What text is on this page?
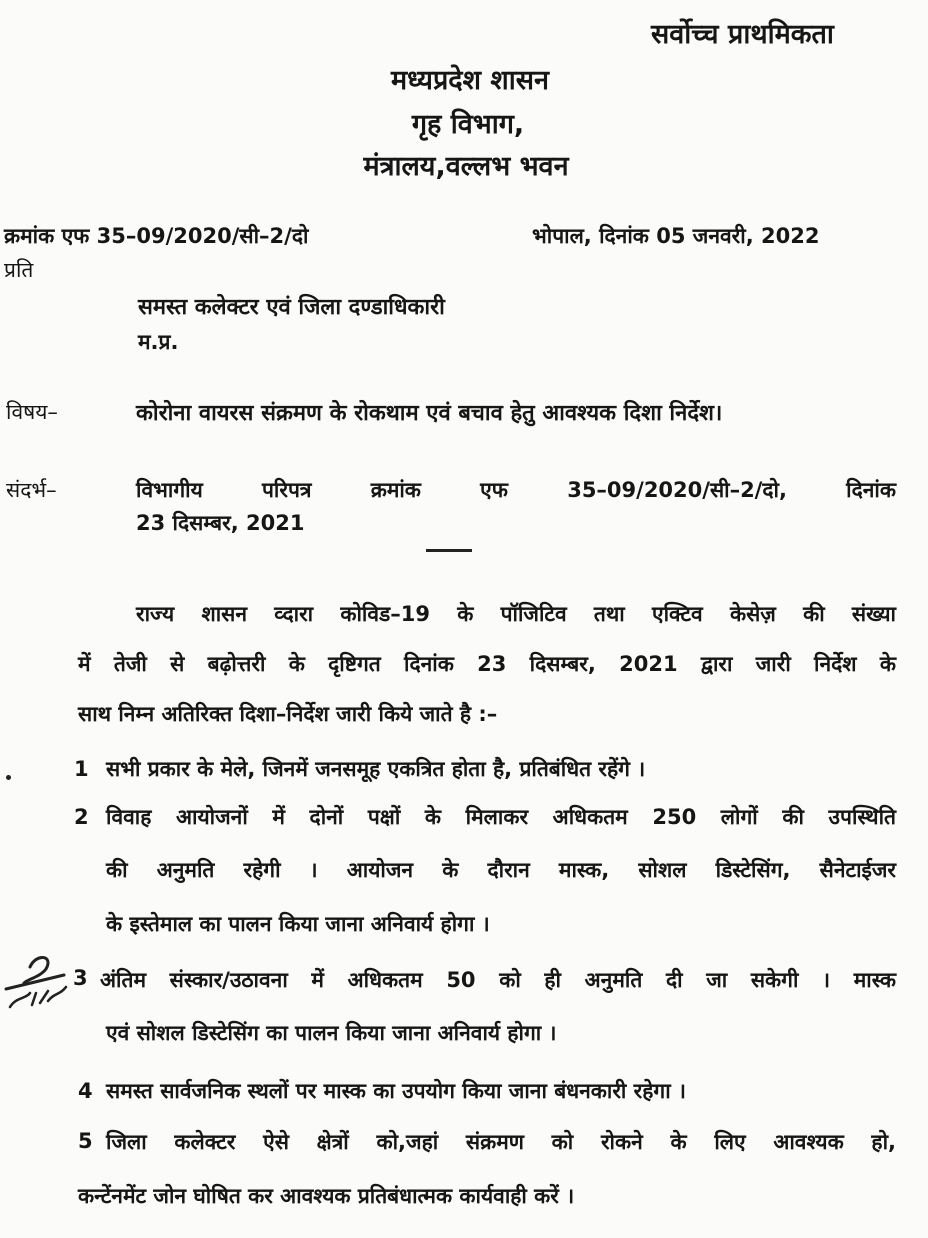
सर्वोच्च प्राथमिकता
मध्यप्रदेश शासन
गृह विभाग,
मंत्रालय,वल्लभ भवन
क्रमांक एफ 35–09/2020/सी–2/दो	भोपाल, दिनांक 05 जनवरी, 2022
प्रति
समस्त कलेक्टर एवं जिला दण्डाधिकारी
म.प्र.
विषय–	कोरोना वायरस संक्रमण के रोकथाम एवं बचाव हेतु आवश्यक दिशा निर्देश।
संदर्भ–	विभागीय	परिपत्र	क्रमांक	एफ	35–09/2020/सी–2/दो,	दिनांक
23 दिसम्बर, 2021
राज्य शासन व्दारा कोविड–19 के पॉजिटिव तथा एक्टिव केसेज़ की संख्या
में तेजी से बढ़ोत्तरी के दृष्टिगत दिनांक 23 दिसम्बर, 2021 द्वारा जारी निर्देश के
साथ निम्न अतिरिक्त दिशा–निर्देश जारी किये जाते है :–
1 सभी प्रकार के मेले, जिनमें जनसमूह एकत्रित होता है, प्रतिबंधित रहेंगे ।
2 विवाह आयोजनों में दोनों पक्षों के मिलाकर अधिकतम 250 लोगों की उपस्थिति
की अनुमति रहेगी । आयोजन के दौरान मास्क, सोशल डिस्टेसिंग, सैनेटाईजर
3
एवं सोशल डिस्टेसिंग का पालन किया जाना अनिवार्य होगा ।
4 समस्त सार्वजनिक स्थलों पर मास्क का उपयोग किया जाना बंधनकारी रहेगा ।
5 जिला कलेक्टर ऐसे क्षेत्रों को,जहां संक्रमण को रोकने के लिए आवश्यक हो,
कन्टेंनमेंट जोन घोषित कर आवश्यक प्रतिबंधात्मक कार्यवाही करें ।
के इस्तेमाल का पालन किया जाना अनिवार्य होगा ।
अंतिम संस्कार/उठावना में अधिकतम 50 को ही अनुमति दी जा सकेगी । मास्क
